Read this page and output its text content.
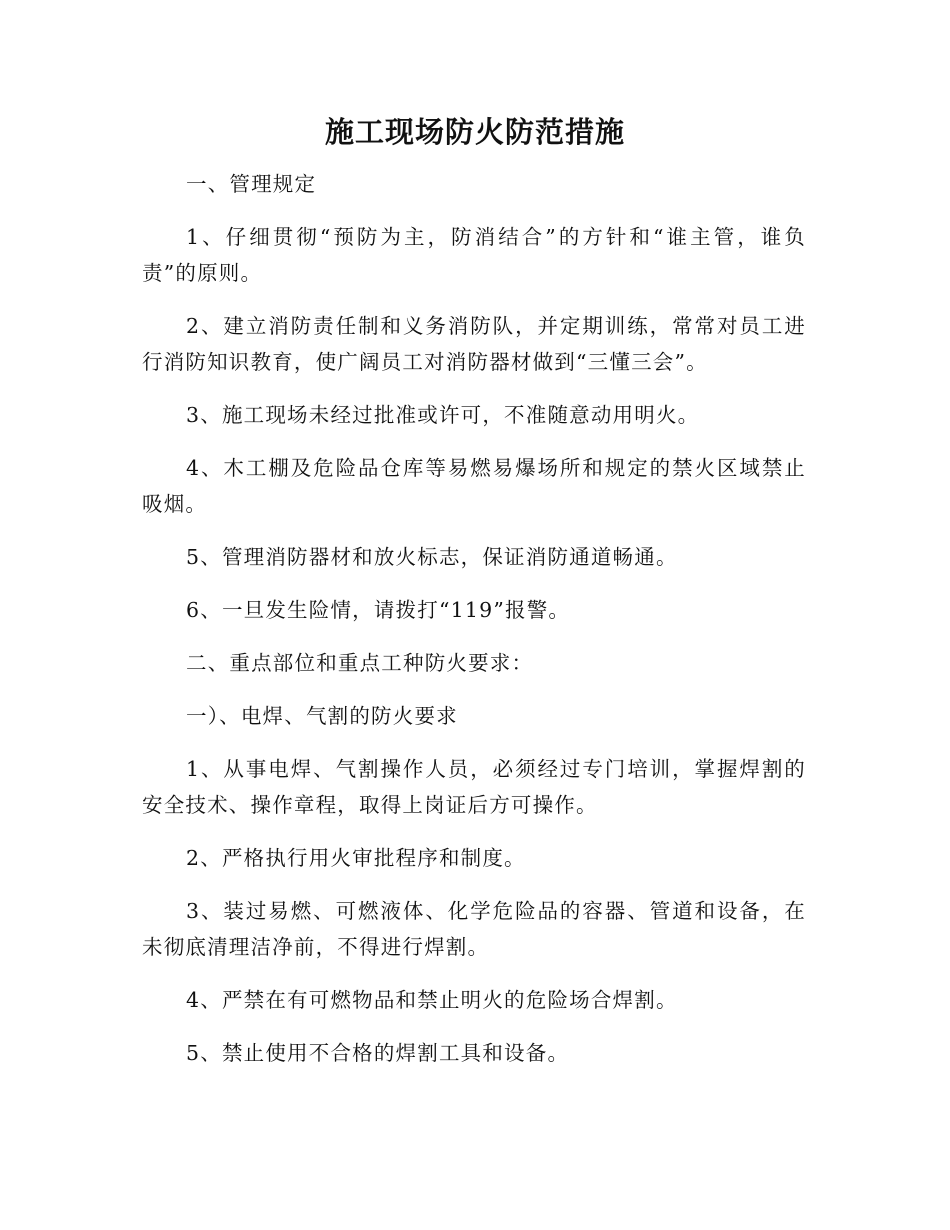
施工现场防火防范措施

一、管理规定

1、仔细贯彻“预防为主，防消结合”的方针和“谁主管，谁负责”的原则。

2、建立消防责任制和义务消防队，并定期训练，常常对员工进行消防知识教育，使广阔员工对消防器材做到“三懂三会”。

3、施工现场未经过批准或许可，不准随意动用明火。

4、木工棚及危险品仓库等易燃易爆场所和规定的禁火区域禁止吸烟。

5、管理消防器材和放火标志，保证消防通道畅通。

6、一旦发生险情，请拨打“119”报警。

二、重点部位和重点工种防火要求：

一）、电焊、气割的防火要求

1、从事电焊、气割操作人员，必须经过专门培训，掌握焊割的安全技术、操作章程，取得上岗证后方可操作。

2、严格执行用火审批程序和制度。

3、装过易燃、可燃液体、化学危险品的容器、管道和设备，在未彻底清理洁净前，不得进行焊割。

4、严禁在有可燃物品和禁止明火的危险场合焊割。

5、禁止使用不合格的焊割工具和设备。
